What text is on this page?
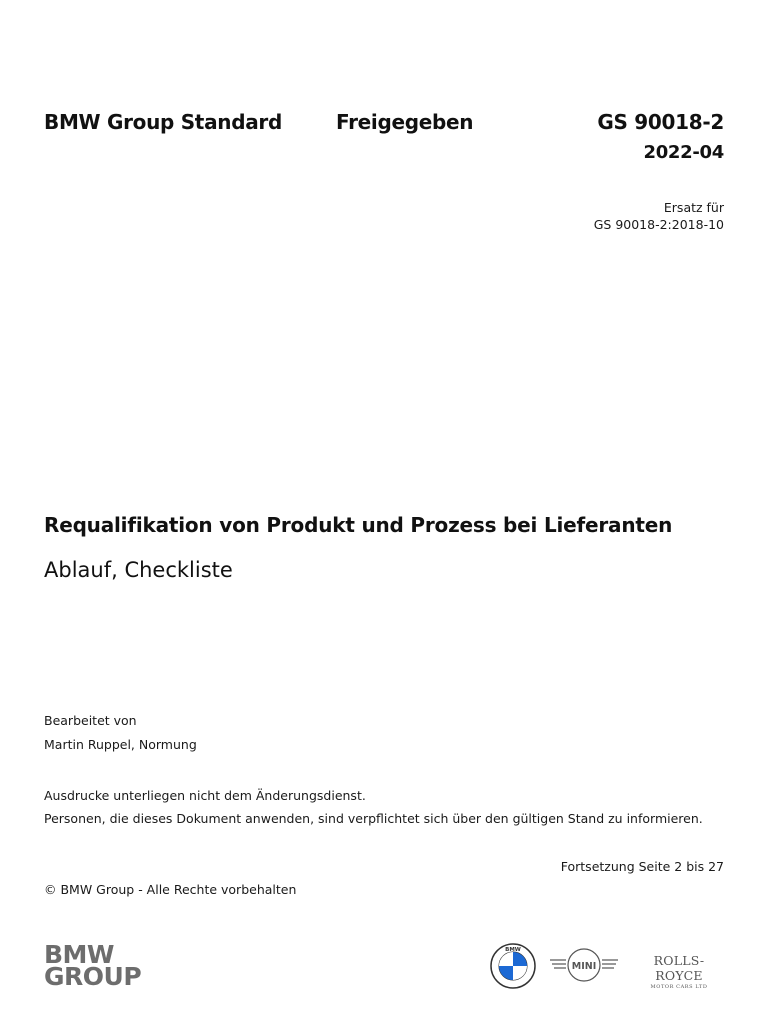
BMW Group Standard	Freigegeben	GS 90018-2
2022-04
Ersatz für
GS 90018-2:2018-10
Requalifikation von Produkt und Prozess bei Lieferanten
Ablauf, Checkliste
Bearbeitet von
Martin Ruppel, Normung
Ausdrucke unterliegen nicht dem Änderungsdienst.
Personen, die dieses Dokument anwenden, sind verpflichtet sich über den gültigen Stand zu informieren.
Fortsetzung Seite 2 bis 27
© BMW Group - Alle Rechte vorbehalten
BMW
GROUP
BMW
MINI	ROLLS-ROYCE
MOTOR CARS LTD
